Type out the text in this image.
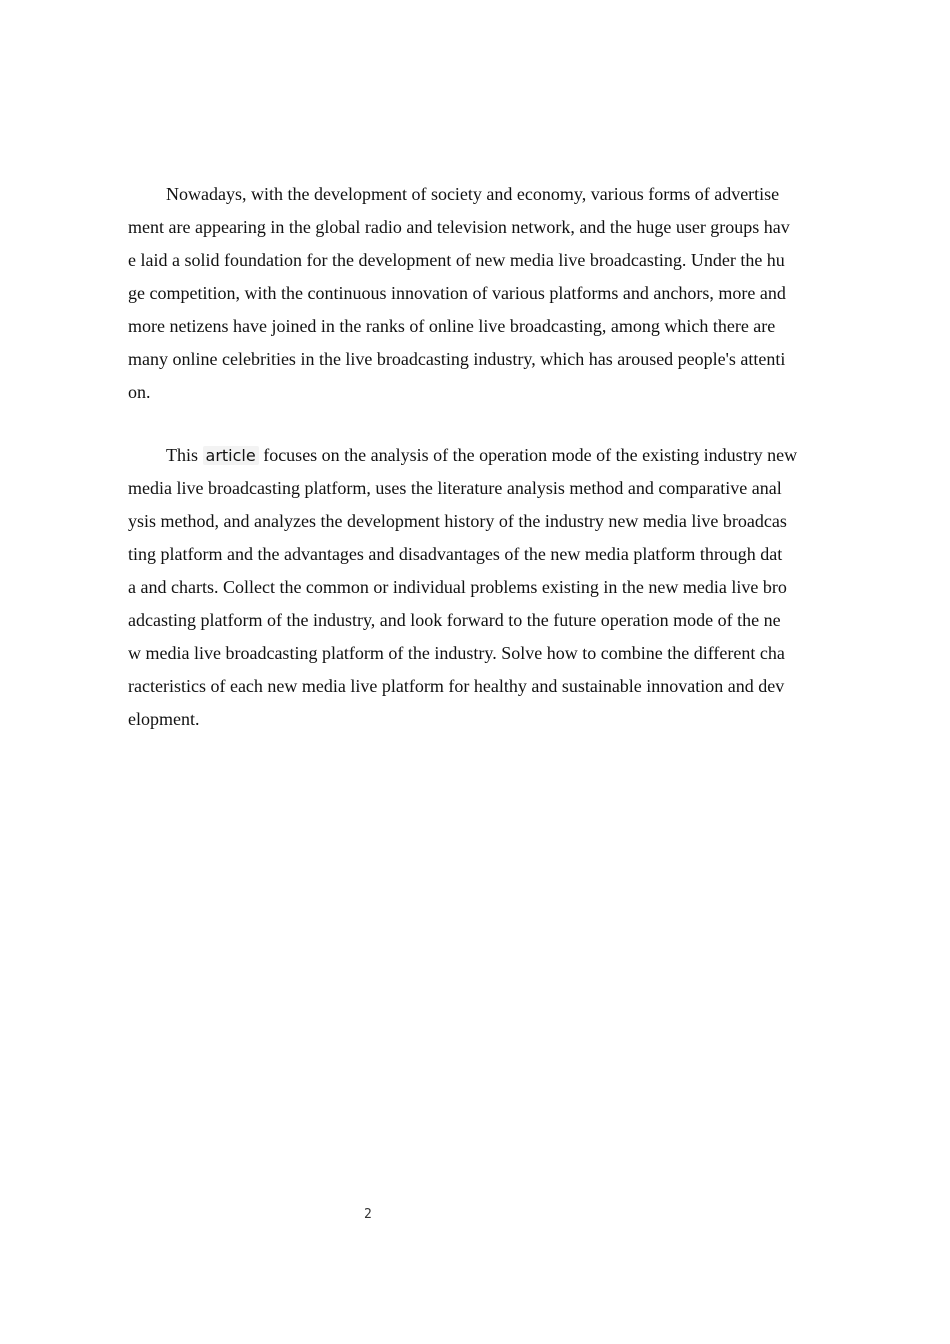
Nowadays, with the development of society and economy, various forms of advertise
ment are appearing in the global radio and television network, and the huge user groups hav
e laid a solid foundation for the development of new media live broadcasting. Under the hu
ge competition, with the continuous innovation of various platforms and anchors, more and
more netizens have joined in the ranks of online live broadcasting, among which there are
many online celebrities in the live broadcasting industry, which has aroused people's attenti
on.
This article focuses on the analysis of the operation mode of the existing industry new
media live broadcasting platform, uses the literature analysis method and comparative anal
ysis method, and analyzes the development history of the industry new media live broadcas
ting platform and the advantages and disadvantages of the new media platform through dat
a and charts. Collect the common or individual problems existing in the new media live bro
adcasting platform of the industry, and look forward to the future operation mode of the ne
w media live broadcasting platform of the industry. Solve how to combine the different cha
racteristics of each new media live platform for healthy and sustainable innovation and dev
elopment.
2
